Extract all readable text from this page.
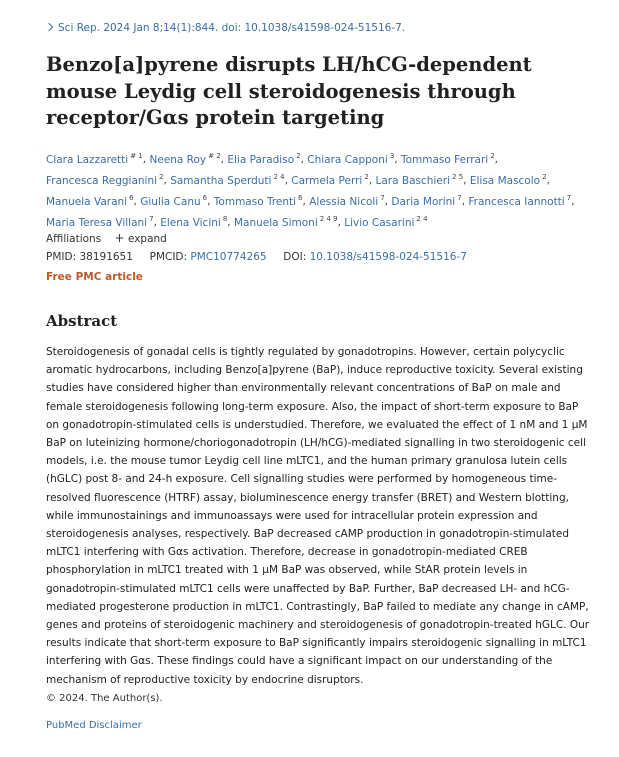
Sci Rep. 2024 Jan 8;14(1):844. doi: 10.1038/s41598-024-51516-7.
Benzo[a]pyrene disrupts LH/hCG-dependent mouse Leydig cell steroidogenesis through receptor/Gαs protein targeting
Clara Lazzaretti $^{\# 1}$, Neena Roy $^{\# 2}$, Elia Paradiso $^2$, Chiara Capponi $^3$, Tommaso Ferrari $^2$, Francesca Reggianini $^2$, Samantha Sperduti $^{2 4}$, Carmela Perri $^2$, Lara Baschieri $^{2 5}$, Elisa Mascolo $^2$, Manuela Varani $^6$, Giulia Canu $^6$, Tommaso Trenti $^6$, Alessia Nicoli $^7$, Daria Morini $^7$, Francesca Iannotti $^7$, Maria Teresa Villani $^7$, Elena Vicini $^8$, Manuela Simoni $^{2 4 9}$, Livio Casarini $^{2 4}$
Affiliations + expand
PMID: 38191651 PMCID: PMC10774265 DOI: 10.1038/s41598-024-51516-7
Free PMC article
Abstract

Steroidogenesis of gonadal cells is tightly regulated by gonadotropins. However, certain polycyclic aromatic hydrocarbons, including Benzo[a]pyrene (BaP), induce reproductive toxicity. Several existing studies have considered higher than environmentally relevant concentrations of BaP on male and female steroidogenesis following long-term exposure. Also, the impact of short-term exposure to BaP on gonadotropin-stimulated cells is understudied. Therefore, we evaluated the effect of 1 nM and 1 µM BaP on luteinizing hormone/choriogonadotropin (LH/hCG)-mediated signalling in two steroidogenic cell models, i.e. the mouse tumor Leydig cell line mLTC1, and the human primary granulosa lutein cells (hGLC) post 8- and 24-h exposure. Cell signalling studies were performed by homogeneous time-resolved fluorescence (HTRF) assay, bioluminescence energy transfer (BRET) and Western blotting, while immunostainings and immunoassays were used for intracellular protein expression and steroidogenesis analyses, respectively. BaP decreased cAMP production in gonadotropin-stimulated mLTC1 interfering with Gαs activation. Therefore, decrease in gonadotropin-mediated CREB phosphorylation in mLTC1 treated with 1 µM BaP was observed, while StAR protein levels in gonadotropin-stimulated mLTC1 cells were unaffected by BaP. Further, BaP decreased LH- and hCG-mediated progesterone production in mLTC1. Contrastingly, BaP failed to mediate any change in cAMP, genes and proteins of steroidogenic machinery and steroidogenesis of gonadotropin-treated hGLC. Our results indicate that short-term exposure to BaP significantly impairs steroidogenic signalling in mLTC1 interfering with Gαs. These findings could have a significant impact on our understanding of the mechanism of reproductive toxicity by endocrine disruptors.

© 2024. The Author(s).
PubMed Disclaimer
